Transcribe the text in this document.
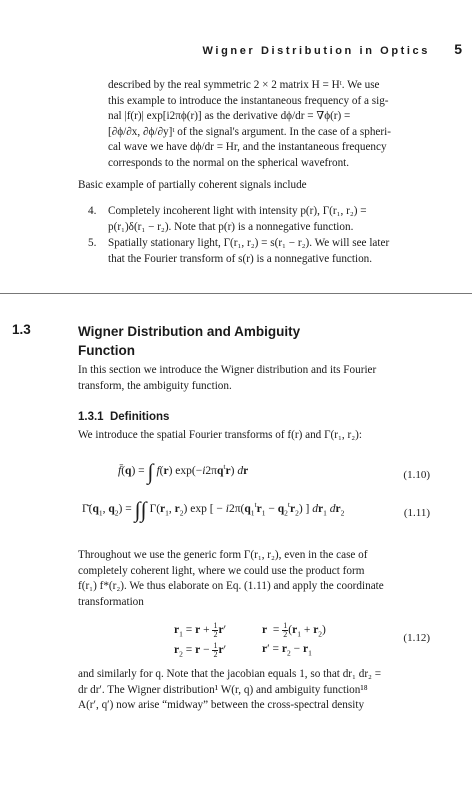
Wigner Distribution in Optics 5
described by the real symmetric 2 × 2 matrix H = Hᵗ. We use
this example to introduce the instantaneous frequency of a sig-
nal |f(r)| exp[i2πϕ(r)] as the derivative dϕ/dr = ∇ϕ(r) =
[∂ϕ/∂x, ∂ϕ/∂y]ᵗ of the signal's argument. In the case of a spheri-
cal wave we have dϕ/dr = Hr, and the instantaneous frequency
corresponds to the normal on the spherical wavefront.
Basic example of partially coherent signals include
4. Completely incoherent light with intensity p(r), Γ(r₁, r₂) =
p(r₁)δ(r₁ − r₂). Note that p(r) is a nonnegative function.
5. Spatially stationary light, Γ(r₁, r₂) = s(r₁ − r₂). We will see later
that the Fourier transform of s(r) is a nonnegative function.
1.3	Wigner Distribution and Ambiguity
Function
In this section we introduce the Wigner distribution and its Fourier
transform, the ambiguity function.
1.3.1 Definitions
We introduce the spatial Fourier transforms of f(r) and Γ(r₁, r₂):
f̄(q) = ∫ f(r) $\exp(-i2\pi q^tr)$ dr	(1.10)
$\Gammā(q_1$, $q_2$) = ∫∫ $\Gamma(r_1$, $r_2$) exp [ − $i2\pi(q_1^tr_1 - q_2^tr_2)$ ] $dr_1$ $dr_2$	(1.11)
Throughout we use the generic form Γ(r₁, r₂), even in the case of
completely coherent light, where we could use the product form
f(r₁) f*(r₂). We thus elaborate on Eq. (1.11) and apply the coordinate
transformation
$r_1 = r + \frac{1}{2} r'$
$r_2 = r - \frac{1}{2} r'$
$r = \frac{1}{2} (r_1 + r_2)$
$r' = r_2 - r_1$
(1.12)
and similarly for q. Note that the jacobian equals 1, so that dr₁ dr₂ =
dr dr′. The Wigner distribution¹ W(r, q) and ambiguity function¹⁸
A(r′, q′) now arise “midway” between the cross-spectral density
